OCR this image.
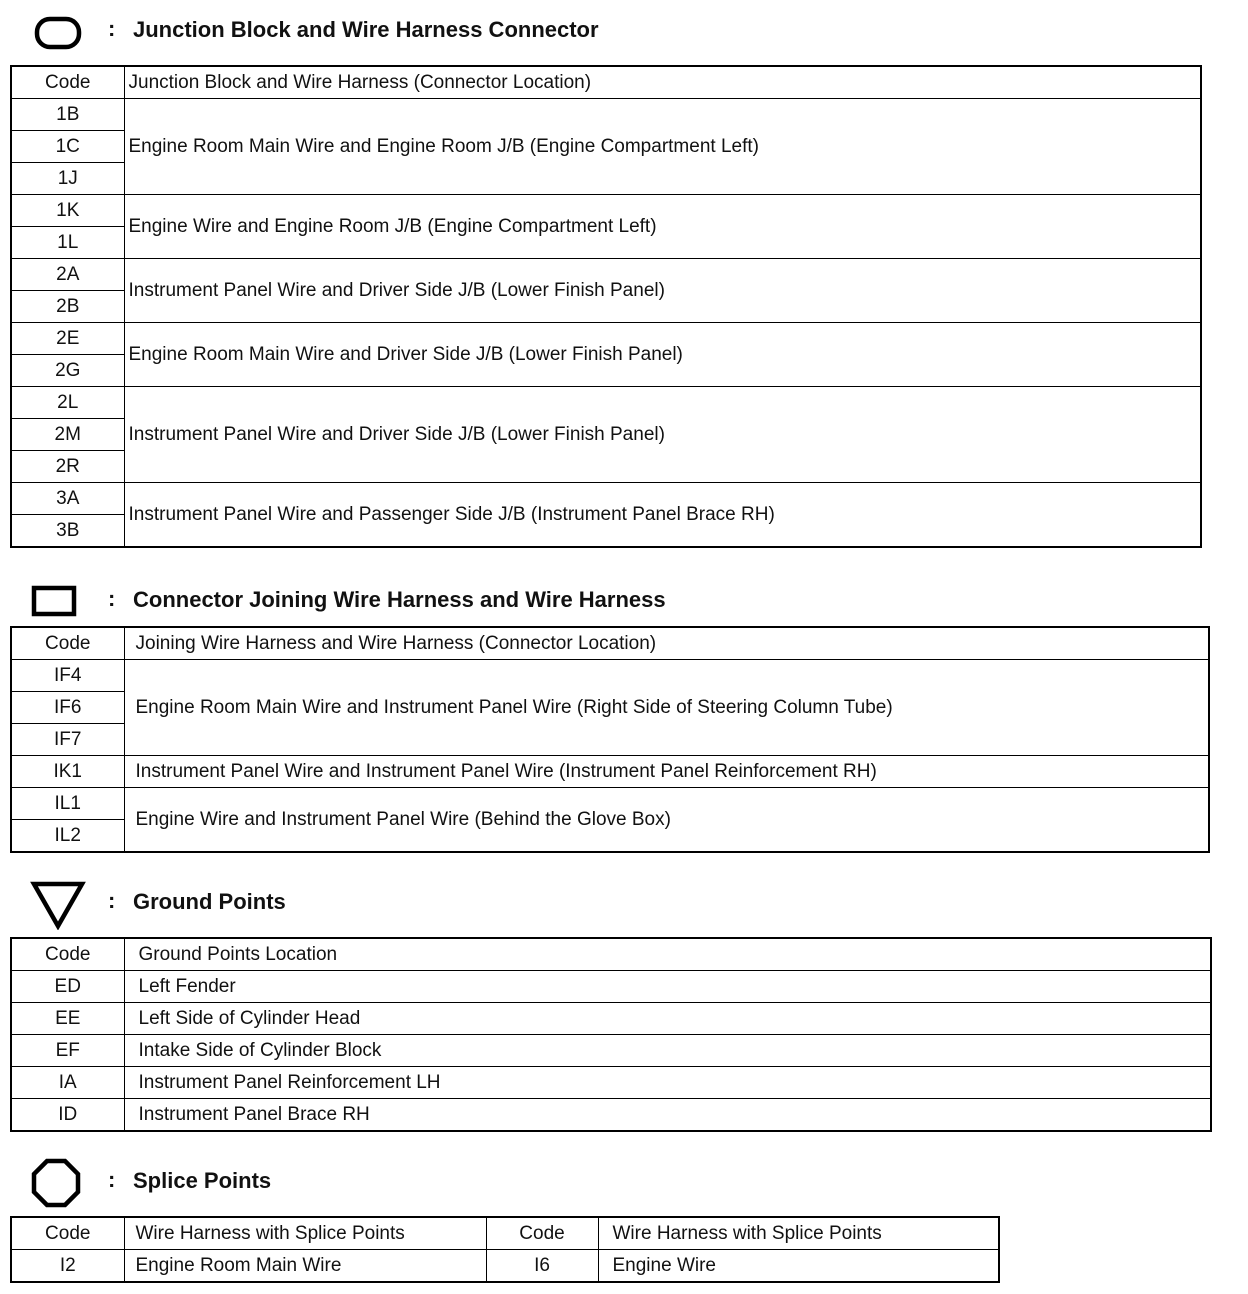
: Junction Block and Wire Harness Connector
Code	Junction Block and Wire Harness (Connector Location)
1B	Engine Room Main Wire and Engine Room J/B (Engine Compartment Left)
1C	
1J	
1K	Engine Wire and Engine Room J/B (Engine Compartment Left)
1L	
2A	Instrument Panel Wire and Driver Side J/B (Lower Finish Panel)
2B	
2E	Engine Room Main Wire and Driver Side J/B (Lower Finish Panel)
2G	
2L	Instrument Panel Wire and Driver Side J/B (Lower Finish Panel)
2M	
2R	
3A	Instrument Panel Wire and Passenger Side J/B (Instrument Panel Brace RH)
3B	
: Connector Joining Wire Harness and Wire Harness
Code	Joining Wire Harness and Wire Harness (Connector Location)
IF4	Engine Room Main Wire and Instrument Panel Wire (Right Side of Steering Column Tube)
IF6	
IF7	
IK1	Instrument Panel Wire and Instrument Panel Wire (Instrument Panel Reinforcement RH)
IL1	Engine Wire and Instrument Panel Wire (Behind the Glove Box)
IL2	
: Ground Points
Code	Ground Points Location
ED	Left Fender
EE	Left Side of Cylinder Head
EF	Intake Side of Cylinder Block
IA	Instrument Panel Reinforcement LH
ID	Instrument Panel Brace RH
: Splice Points
Code	Wire Harness with Splice Points	Code	Wire Harness with Splice Points
I2	Engine Room Main Wire	I6	Engine Wire
